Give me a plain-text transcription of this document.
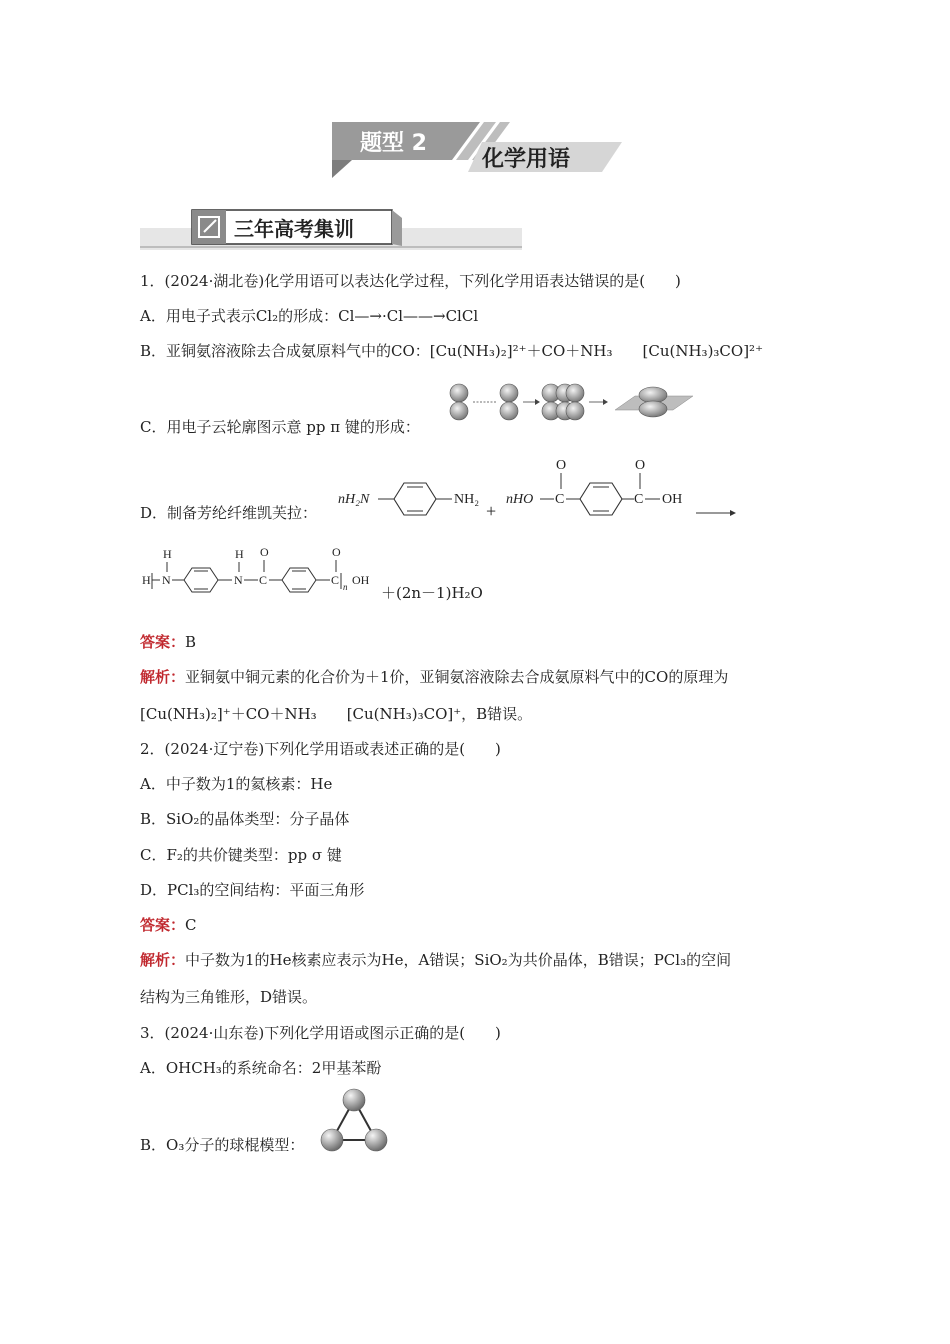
题型 2
化学用语
三年高考集训
1．(2024·湖北卷)化学用语可以表达化学过程，下列化学用语表达错误的是(　　)
A．用电子式表示Cl₂的形成：Cl—→·Cl——→ClCl
B．亚铜氨溶液除去合成氨原料气中的CO：[Cu(NH₃)₂]²⁺＋CO＋NH₃　　[Cu(NH₃)₃CO]²⁺
C．用电子云轮廓图示意 pp π 键的形成：
D．制备芳纶纤维凯芙拉：
nH₂N	NH₂
+
nHO C
O
C
O
OH
H N
H
N
H
C
O
C
O
n OH
＋(2n－1)H₂O
答案：B
解析：亚铜氨中铜元素的化合价为＋1价，亚铜氨溶液除去合成氨原料气中的CO的原理为
[Cu(NH₃)₂]⁺＋CO＋NH₃　　[Cu(NH₃)₃CO]⁺，B错误。
2．(2024·辽宁卷)下列化学用语或表述正确的是(　　)
A．中子数为1的氦核素：He
B．SiO₂的晶体类型：分子晶体
C．F₂的共价键类型：pp σ 键
D．PCl₃的空间结构：平面三角形
答案：C
解析：中子数为1的He核素应表示为He，A错误；SiO₂为共价晶体，B错误；PCl₃的空间
结构为三角锥形，D错误。
3．(2024·山东卷)下列化学用语或图示正确的是(　　)
A．OHCH₃的系统命名：2甲基苯酚
B．O₃分子的球棍模型：
